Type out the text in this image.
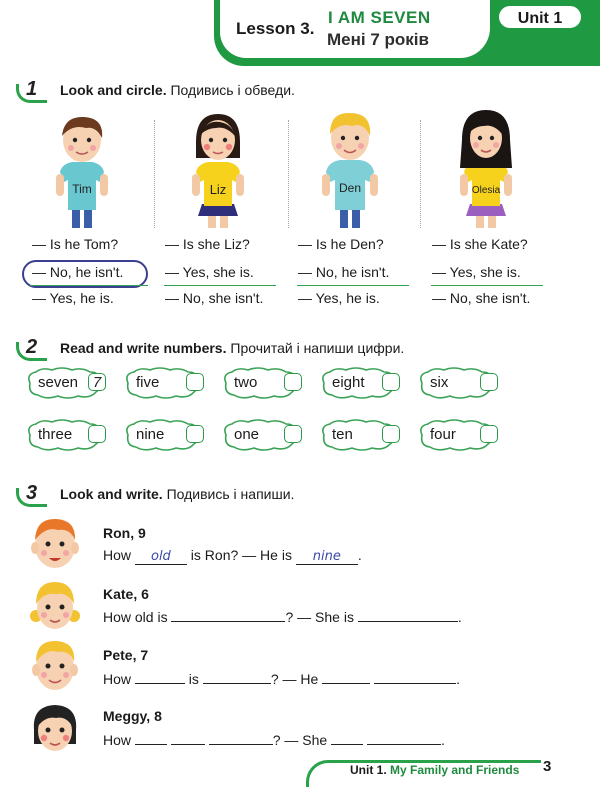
Lesson 3.
I AM SEVEN
Мені 7 років
Unit 1
1 Look and circle. Подивись і обведи.
Tim	Liz	Den	Olesia
— Is he Tom?
— No, he isn't.
— Yes, he is.
— Is she Liz?
— Yes, she is.
— No, she isn't.
— Is he Den?
— No, he isn't.
— Yes, he is.
— Is she Kate?
— Yes, she is.
— No, she isn't.
2 Read and write numbers. Прочитай і напиши цифри.
seven 7	five	two	eight	six
three	nine	one	ten	four
3 Look and write. Подивись і напиши.
Ron, 9
How old is Ron? — He is nine .
Kate, 6
How old is	? — She is	.
Pete, 7
How	is	? — He	.
Meggy, 8
How	? — She	.
Unit 1. My Family and Friends 3
